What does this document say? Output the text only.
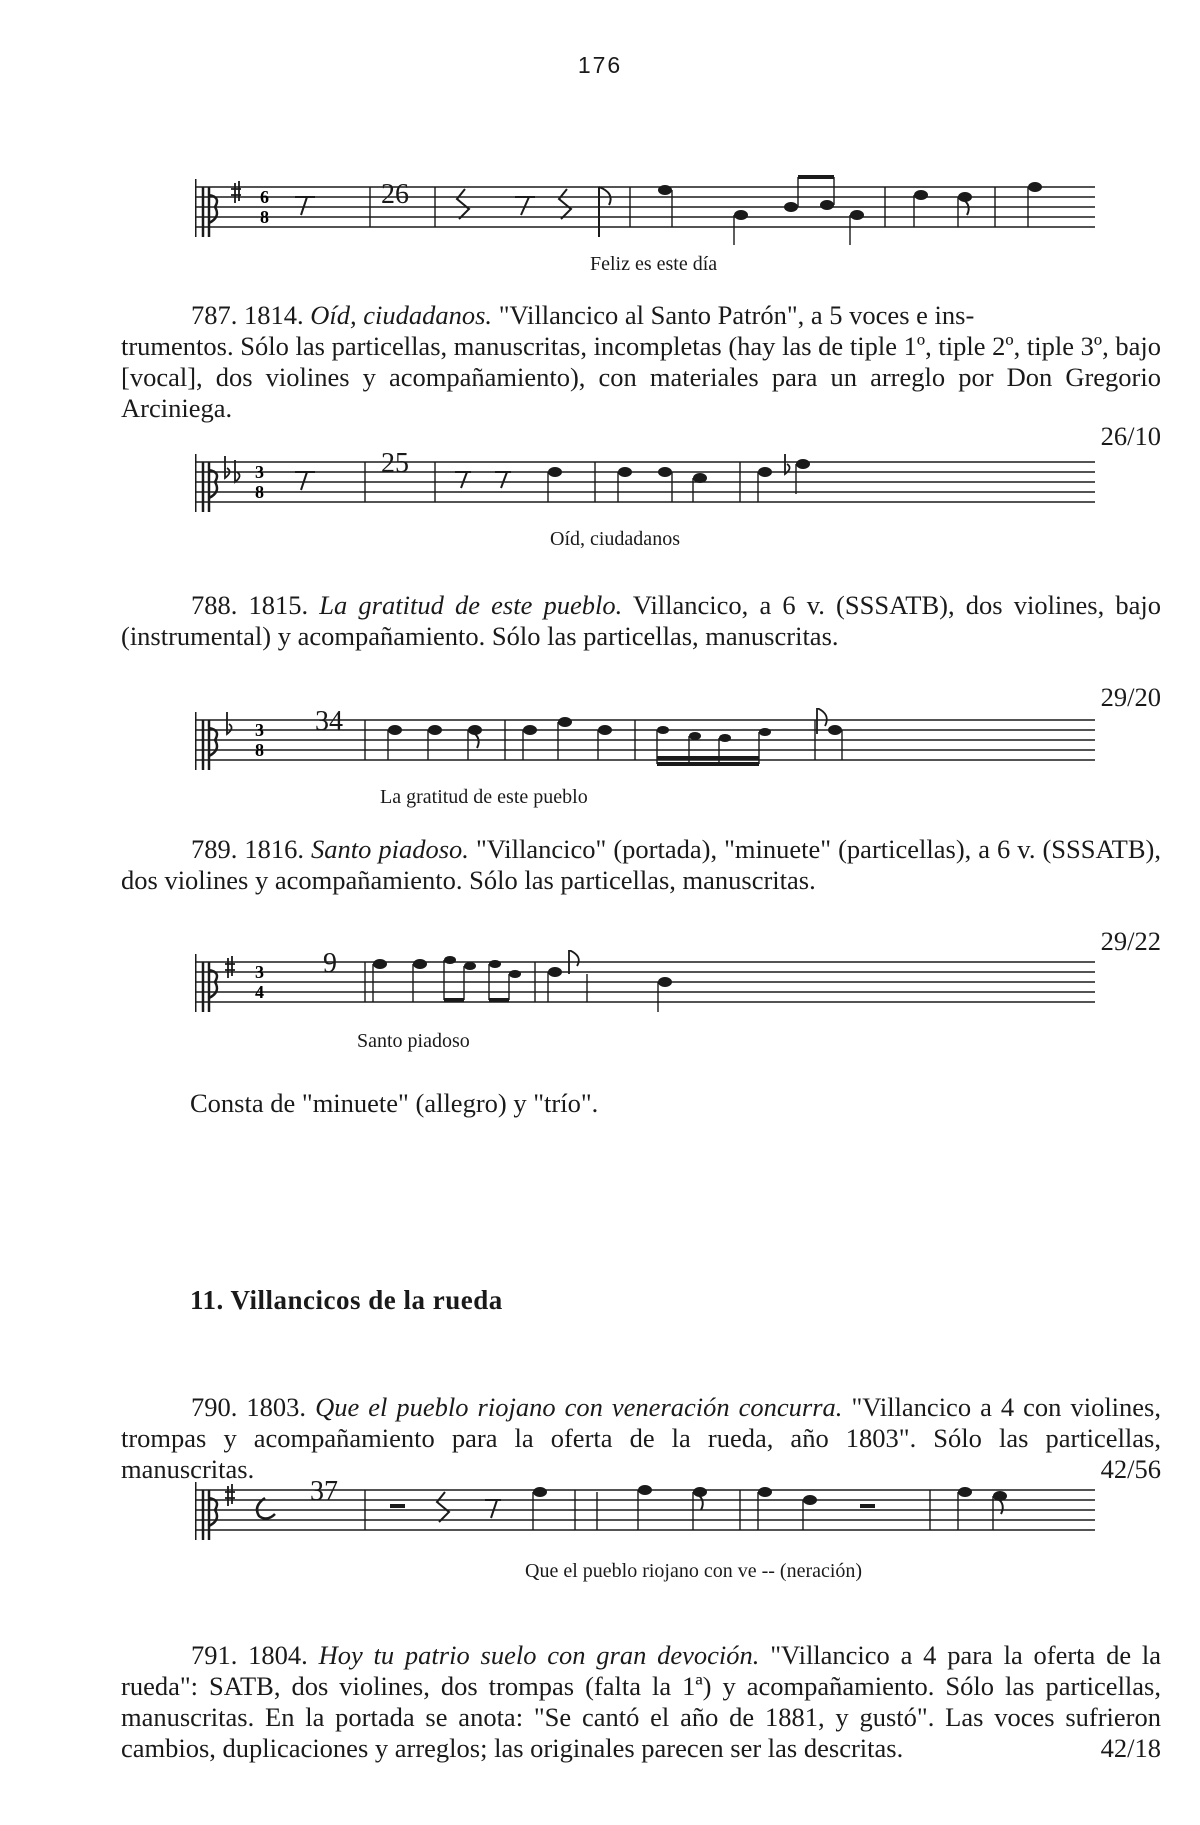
176
6
8
26
Feliz es este día

787. 1814. Oíd, ciudadanos. "Villancico al Santo Patrón", a 5 voces e ins-

trumentos. Sólo las particellas, manuscritas, incompletas (hay las de tiple 1º, tiple 2º, tiple 3º, bajo [vocal], dos violines y acompañamiento), con materiales para un arreglo por Don Gregorio Arciniega.

26/10
3
8
25
Oíd, ciudadanos

788. 1815. La gratitud de este pueblo. Villancico, a 6 v. (SSSATB), dos violines, bajo (instrumental) y acompañamiento. Sólo las particellas, manuscritas.

29/20
3
8
34
La gratitud de este pueblo

789. 1816. Santo piadoso. "Villancico" (portada), "minuete" (particellas), a 6 v. (SSSATB), dos violines y acompañamiento. Sólo las particellas, manuscritas.

29/22
3
4
9
Santo piadoso
Consta de "minuete" (allegro) y "trío".
11. Villancicos de la rueda

790. 1803. Que el pueblo riojano con veneración concurra. "Villancico a 4 con violines, trompas y acompañamiento para la oferta de la rueda, año 1803". Sólo las particellas, manuscritas.	42/56
37
Que el pueblo riojano con ve -- (neración)

791. 1804. Hoy tu patrio suelo con gran devoción. "Villancico a 4 para la oferta de la rueda": SATB, dos violines, dos trompas (falta la 1ª) y acompañamiento. Sólo las particellas, manuscritas. En la portada se anota: "Se cantó el año de 1881, y gustó". Las voces sufrieron cambios, duplicaciones y arreglos; las originales parecen ser las descritas.	42/18
